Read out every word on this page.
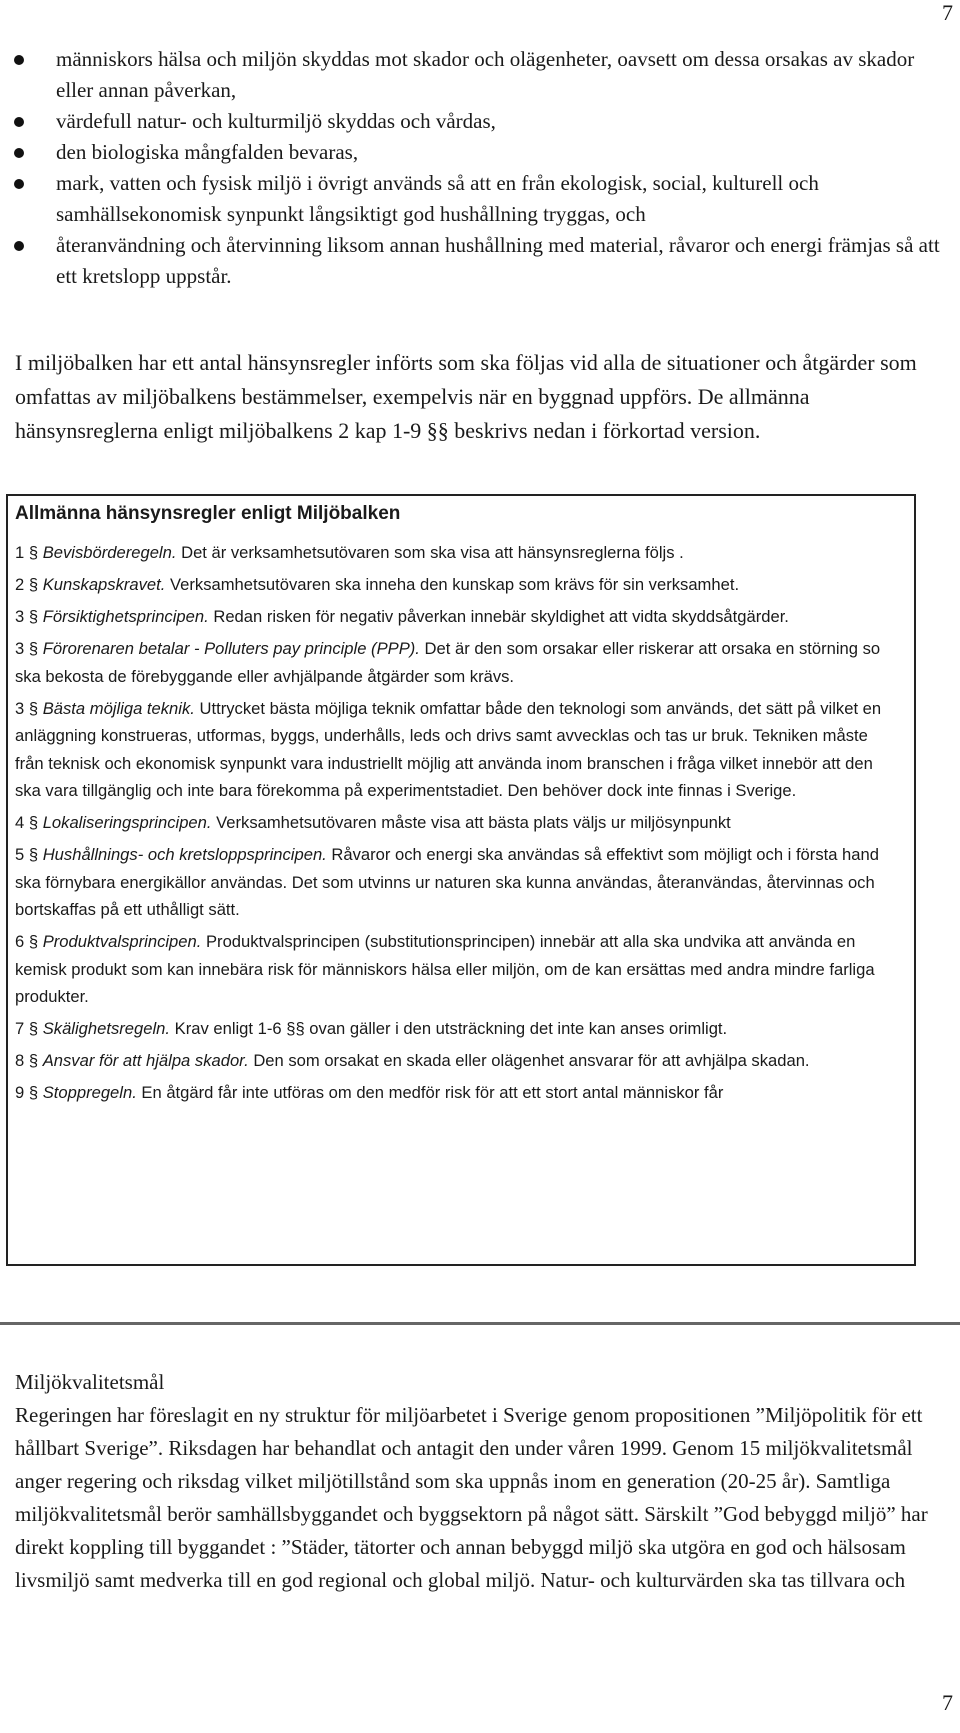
7
människors hälsa och miljön skyddas mot skador och olägenheter, oavsett om dessa orsakas av skador eller annan påverkan,
värdefull natur- och kulturmiljö skyddas och vårdas,
den biologiska mångfalden bevaras,
mark, vatten och fysisk miljö i övrigt används så att en från ekologisk, social, kulturell och samhällsekonomisk synpunkt långsiktigt god hushållning tryggas, och
återanvändning och återvinning liksom annan hushållning med material, råvaror och energi främjas så att ett kretslopp uppstår.

I miljöbalken har ett antal hänsynsregler införts som ska följas vid alla de situationer och åtgärder som omfattas av miljöbalkens bestämmelser, exempelvis när en byggnad uppförs. De allmänna hänsynsreglerna enligt miljöbalkens 2 kap 1-9 §§ beskrivs nedan i förkortad version.

Allmänna hänsynsregler enligt Miljöbalken
1 § Bevisbörderegeln. Det är verksamhetsutövaren som ska visa att hänsynsreglerna följs .
2 § Kunskapskravet. Verksamhetsutövaren ska inneha den kunskap som krävs för sin verksamhet.
3 § Försiktighetsprincipen. Redan risken för negativ påverkan innebär skyldighet att vidta skyddsåtgärder.
3 § Förorenaren betalar - Polluters pay principle (PPP). Det är den som orsakar eller riskerar att orsaka en störning so ska bekosta de förebyggande eller avhjälpande åtgärder som krävs.
3 § Bästa möjliga teknik. Uttrycket bästa möjliga teknik omfattar både den teknologi som används, det sätt på vilket en anläggning konstrueras, utformas, byggs, underhålls, leds och drivs samt avvecklas och tas ur bruk. Tekniken måste från teknisk och ekonomisk synpunkt vara industriellt möjlig att använda inom branschen i fråga vilket innebör att den ska vara tillgänglig och inte bara förekomma på experimentstadiet. Den behöver dock inte finnas i Sverige.
4 § Lokaliseringsprincipen. Verksamhetsutövaren måste visa att bästa plats väljs ur miljösynpunkt
5 § Hushållnings- och kretsloppsprincipen. Råvaror och energi ska användas så effektivt som möjligt och i första hand ska förnybara energikällor användas. Det som utvinns ur naturen ska kunna användas, återanvändas, återvinnas och bortskaffas på ett uthålligt sätt.
6 § Produktvalsprincipen. Produktvalsprincipen (substitutionsprincipen) innebär att alla ska undvika att använda en kemisk produkt som kan innebära risk för människors hälsa eller miljön, om de kan ersättas med andra mindre farliga produkter.
7 § Skälighetsregeln. Krav enligt 1-6 §§ ovan gäller i den utsträckning det inte kan anses orimligt.
8 § Ansvar för att hjälpa skador. Den som orsakat en skada eller olägenhet ansvarar för att avhjälpa skadan.
9 § Stoppregeln. En åtgärd får inte utföras om den medför risk för att ett stort antal människor får

Miljökvalitetsmål

Regeringen har föreslagit en ny struktur för miljöarbetet i Sverige genom propositionen ”Miljöpolitik för ett hållbart Sverige”. Riksdagen har behandlat och antagit den under våren 1999. Genom 15 miljökvalitetsmål anger regering och riksdag vilket miljötillstånd som ska uppnås inom en generation (20-25 år). Samtliga miljökvalitetsmål berör samhällsbyggandet och byggsektorn på något sätt. Särskilt ”God bebyggd miljö” har direkt koppling till byggandet : ”Städer, tätorter och annan bebyggd miljö ska utgöra en god och hälsosam livsmiljö samt medverka till en god regional och global miljö. Natur- och kulturvärden ska tas tillvara och

7
